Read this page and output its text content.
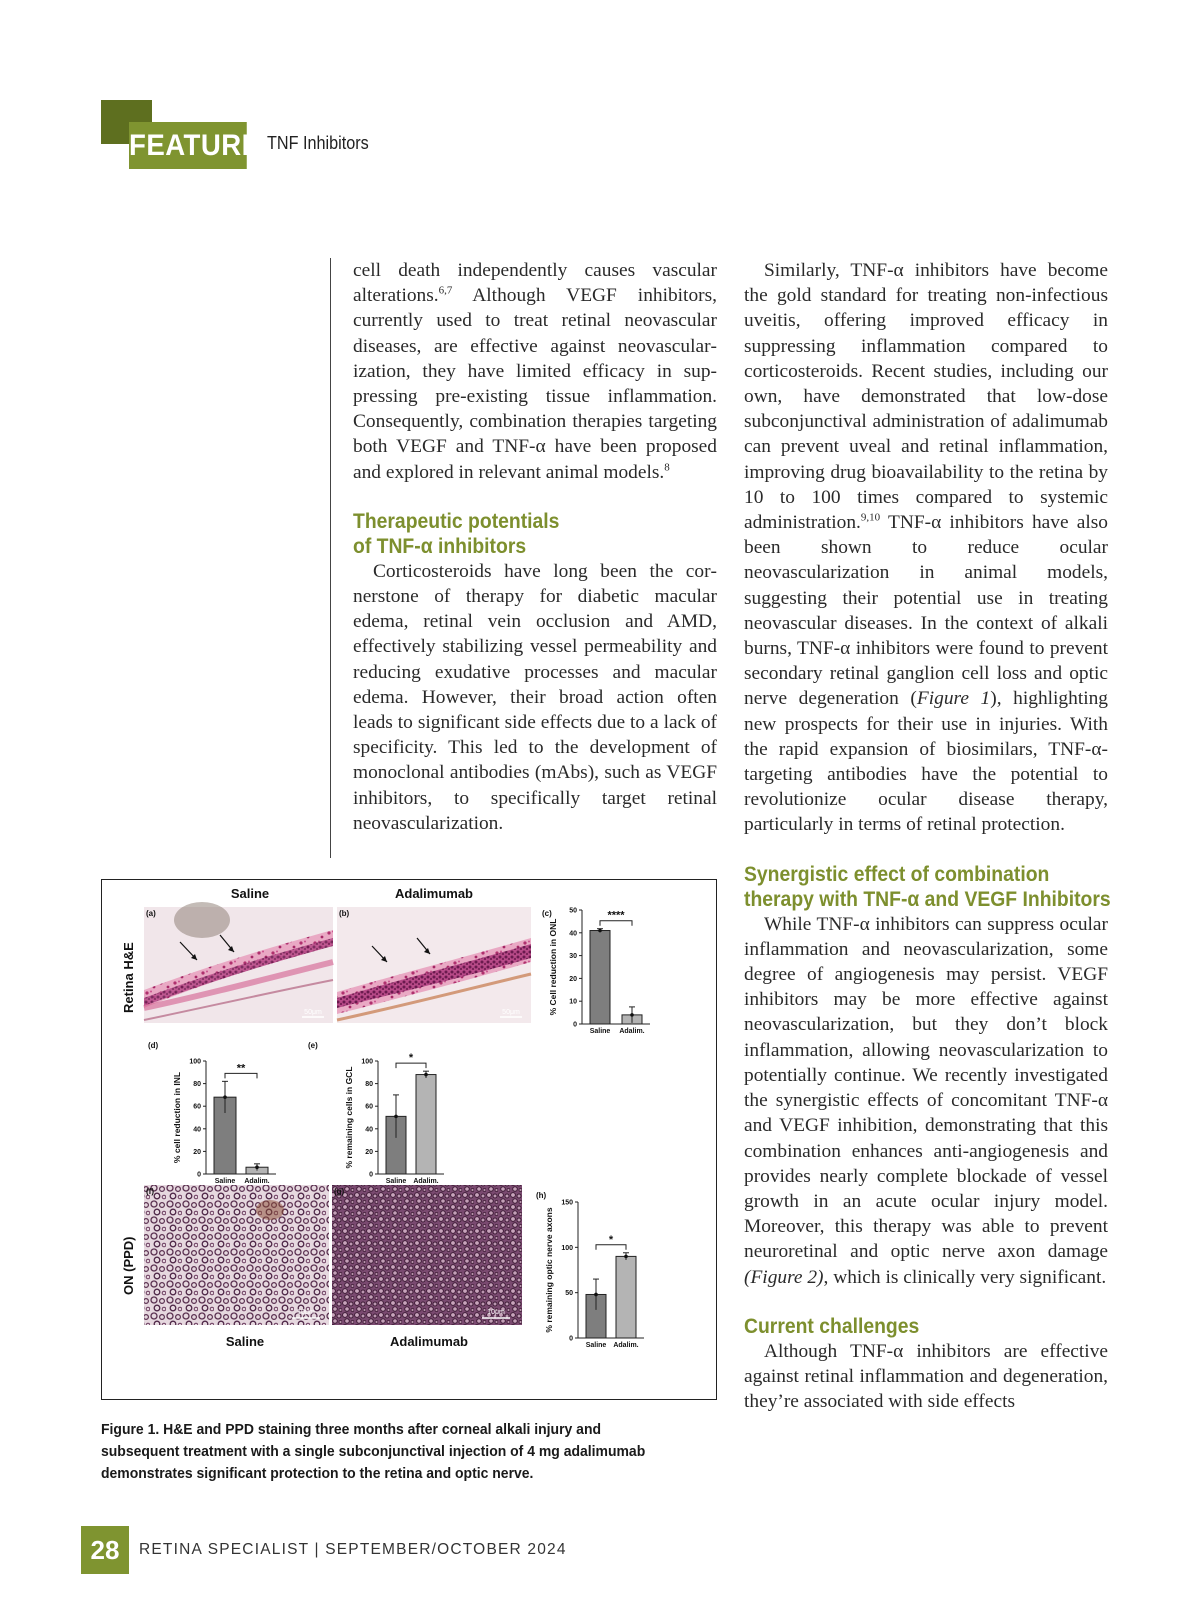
FEATURE TNF Inhibitors

cell death independently causes vascular alterations.$^{6,7}$ Although VEGF inhibitors, currently used to treat retinal neovascular diseases, are effective against neovascularization, they have limited efficacy in suppressing pre-existing tissue inflammation. Consequently, combination therapies targeting both VEGF and TNF-α have been proposed and explored in relevant animal models.$^8$

Therapeutic potentials
of TNF-α inhibitors

Corticosteroids have long been the cornerstone of therapy for diabetic macular edema, retinal vein occlusion and AMD, effectively stabilizing vessel permeability and reducing exudative processes and macular edema. However, their broad action often leads to significant side effects due to a lack of specificity. This led to the development of monoclonal antibodies (mAbs), such as VEGF inhibitors, to specifically target retinal neovascularization.

Similarly, TNF-α inhibitors have become the gold standard for treating non-infectious uveitis, offering improved efficacy in suppressing inflammation compared to corticosteroids. Recent studies, including our own, have demonstrated that low-dose subconjunctival administration of adalimumab can prevent uveal and retinal inflammation, improving drug bioavailability to the retina by 10 to 100 times compared to systemic administration.$^{9,10}$ TNF-α inhibitors have also been shown to reduce ocular neovascularization in animal models, suggesting their potential use in treating neovascular diseases. In the context of alkali burns, TNF-α inhibitors were found to prevent secondary retinal ganglion cell loss and optic nerve degeneration (Figure 1), highlighting new prospects for their use in injuries. With the rapid expansion of biosimilars, TNF-α-targeting antibodies have the potential to revolutionize ocular disease therapy, particularly in terms of retinal protection.

Synergistic effect of combination
therapy with TNF-α and VEGF Inhibitors

While TNF-α inhibitors can suppress ocular inflammation and neovascularization, some degree of angiogenesis may persist. VEGF inhibitors may be more effective against neovascularization, but they don’t block inflammation, allowing neovascularization to potentially continue. We recently investigated the synergistic effects of concomitant TNF-α and VEGF inhibition, demonstrating that this combination enhances anti-angiogenesis and provides nearly complete blockade of vessel growth in an acute ocular injury model. Moreover, this therapy was able to prevent neuroretinal and optic nerve axon damage (Figure 2), which is clinically very significant.

Current challenges

Although TNF-α inhibitors are effective against retinal inflammation and degeneration, they’re associated with side effects

Saline	Adalimumab
Retina H&E
ON (PPD)
50μm
(a)
50μm
(b)
10μm
(f)
10μm
(g)
Saline	Adalimumab
(c)
(d)	(e)
(h)
0
10
20
30
40
50
% Cell reduction in ONL
Saline Adalim.
****
0
20
40
60
80
100
% cell reduction in INL
Saline Adalim.
**
0
20
40
60
80
100
% remaining cells in GCL
Saline Adalim.
*
0
50
100
150
% remaining optic nerve axons
Saline Adalim.
*
Figure 1. H&E and PPD staining three months after corneal alkali injury and subsequent treatment with a single subconjunctival injection of 4 mg adalimumab demonstrates significant protection to the retina and optic nerve.
28	RETINA SPECIALIST | SEPTEMBER/OCTOBER 2024
